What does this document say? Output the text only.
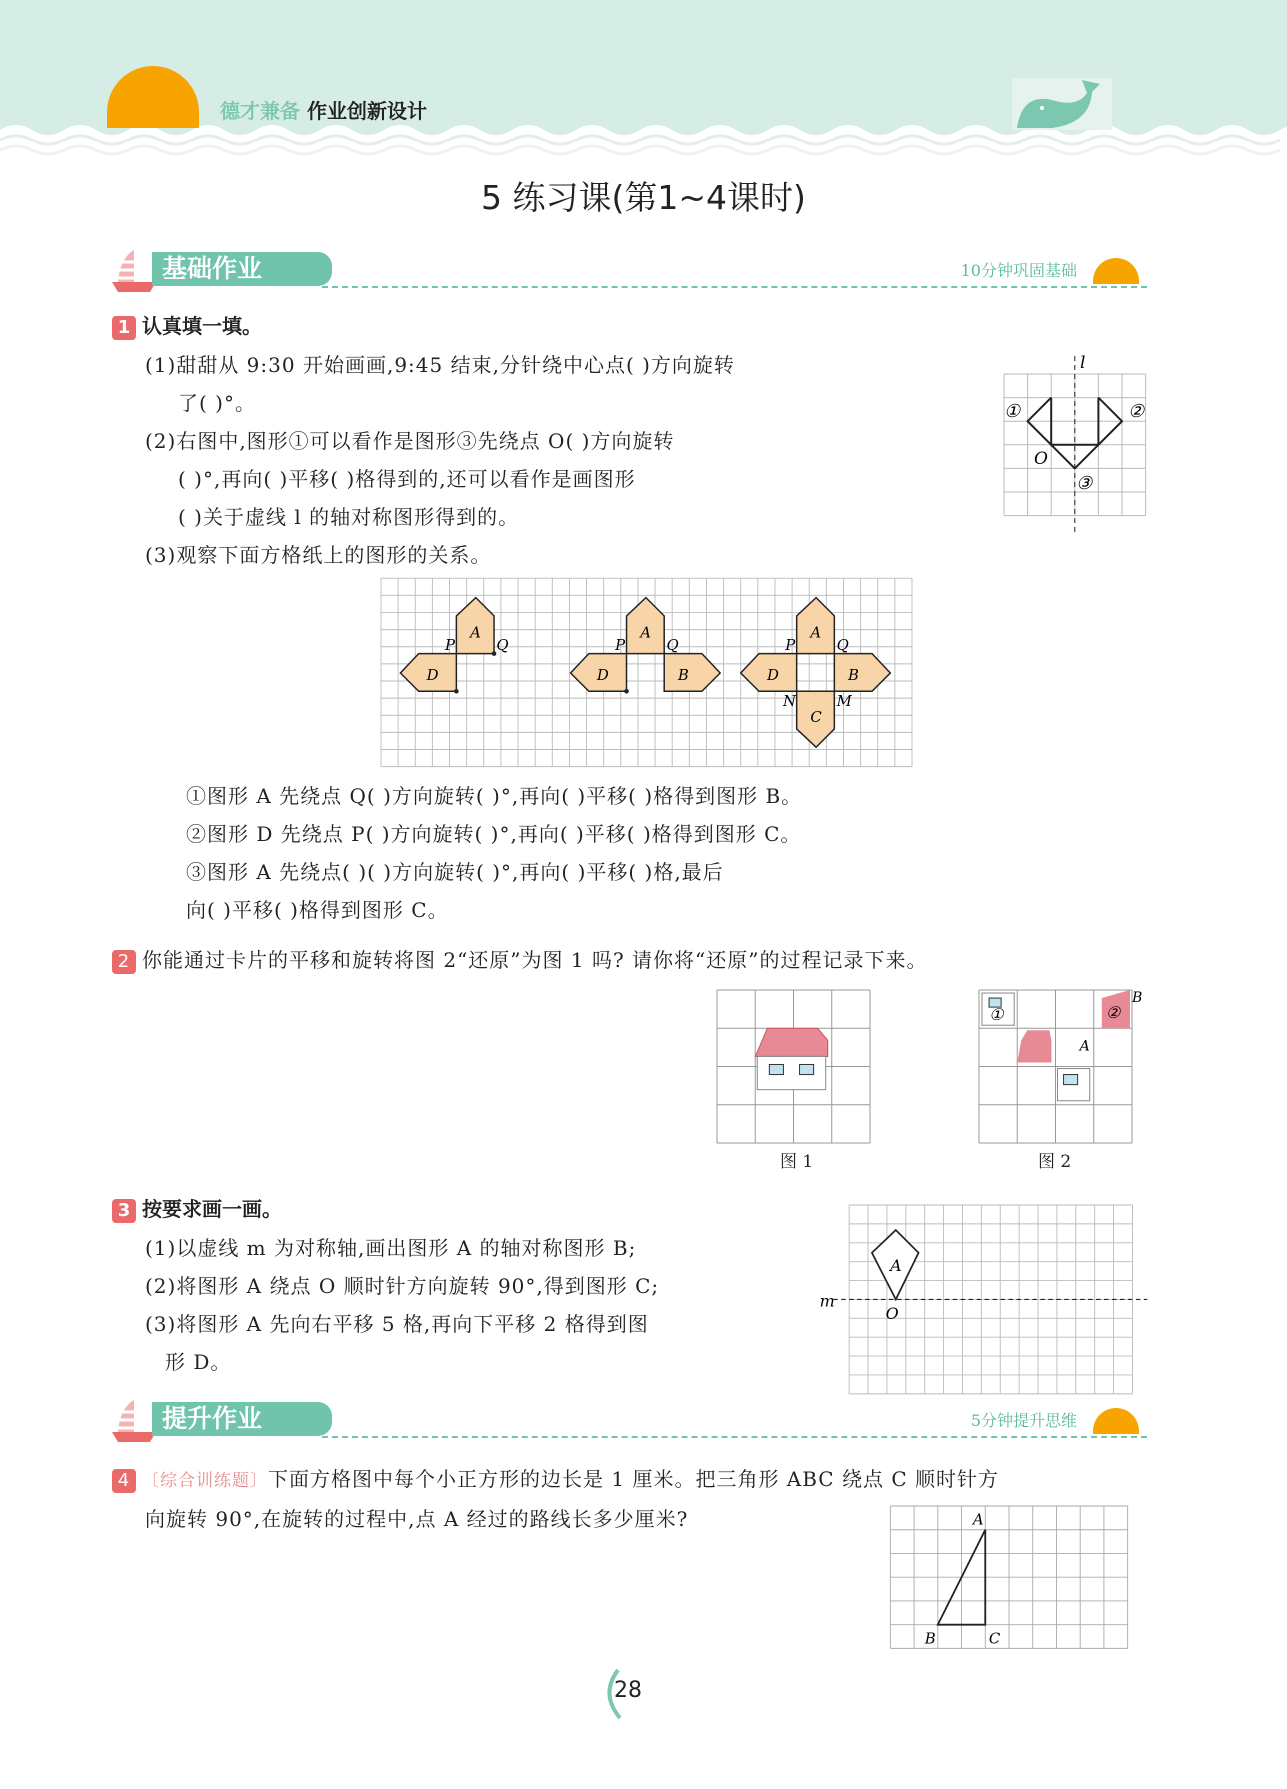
德才兼备 作业创新设计
5 练习课(第1~4课时)
基础作业	10分钟巩固基础
1 认真填一填。
(1)甜甜从 9:30 开始画画,9:45 结束,分针绕中心点( )方向旋转
了( )°。
(2)右图中,图形①可以看作是图形③先绕点 O( )方向旋转
( )°,再向( )平移( )格得到的,还可以看作是画图形
( )关于虚线 l 的轴对称图形得到的。
(3)观察下面方格纸上的图形的关系。
l
①	②
③
O
A
D
P	Q
A
D	B
P	Q
A
D	B
C
P	Q
N	M
①图形 A 先绕点 Q( )方向旋转( )°,再向( )平移( )格得到图形 B。
②图形 D 先绕点 P( )方向旋转( )°,再向( )平移( )格得到图形 C。
③图形 A 先绕点( )( )方向旋转( )°,再向( )平移( )格,最后
向( )平移( )格得到图形 C。
2 你能通过卡片的平移和旋转将图 2“还原”为图 1 吗? 请你将“还原”的过程记录下来。
①	②
B
A
图 1	图 2
3 按要求画一画。
(1)以虚线 m 为对称轴,画出图形 A 的轴对称图形 B;
(2)将图形 A 绕点 O 顺时针方向旋转 90°,得到图形 C;
(3)将图形 A 先向右平移 5 格,再向下平移 2 格得到图
形 D。
m
A
O
提升作业	5分钟提升思维
4 〔综合训练题〕下面方格图中每个小正方形的边长是 1 厘米。把三角形 ABC 绕点 C 顺时针方
向旋转 90°,在旋转的过程中,点 A 经过的路线长多少厘米?	A
B	C
28
